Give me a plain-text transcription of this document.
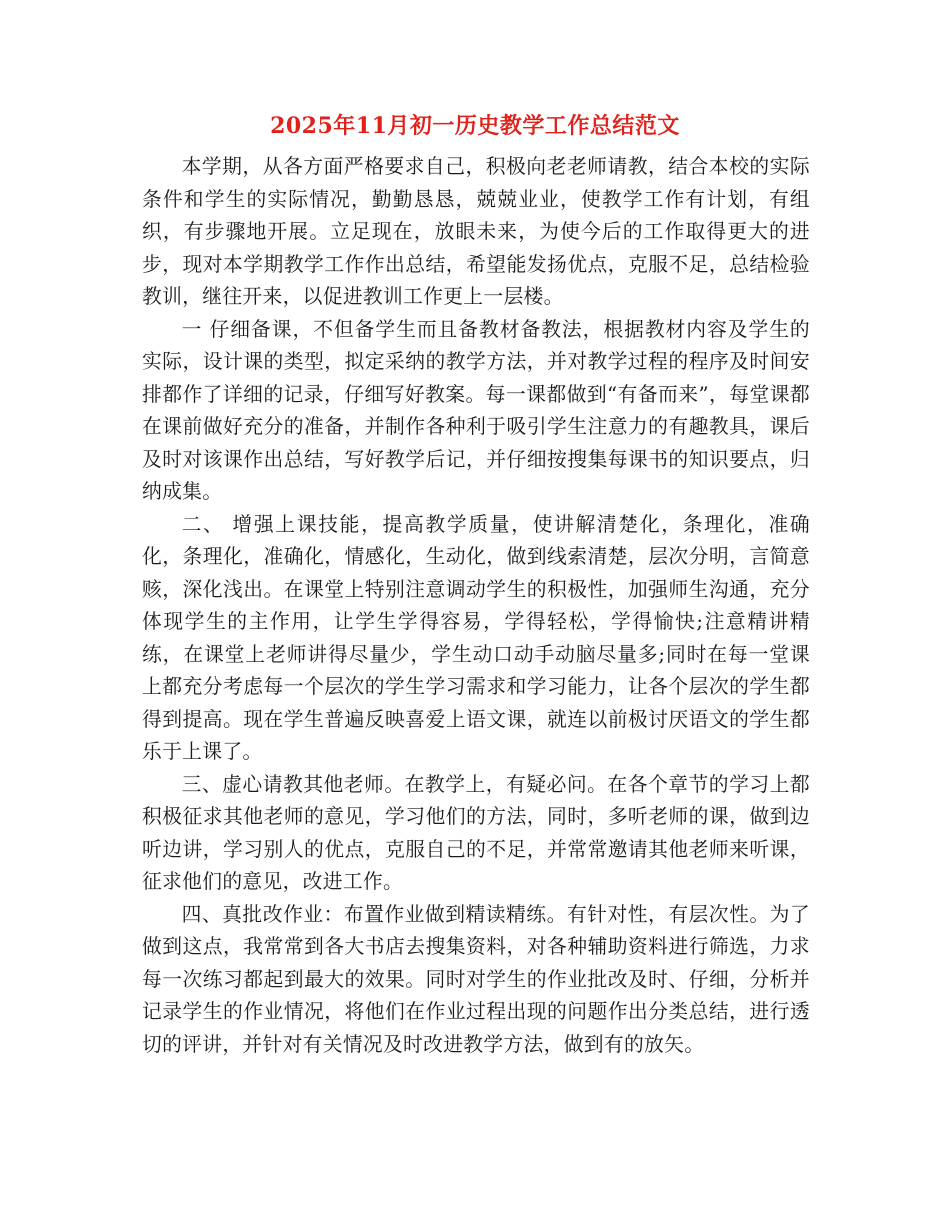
2025年11月初一历史教学工作总结范文

本学期，从各方面严格要求自己，积极向老老师请教，结合本校的实际条件和学生的实际情况，勤勤恳恳，兢兢业业，使教学工作有计划，有组织，有步骤地开展。立足现在，放眼未来，为使今后的工作取得更大的进步，现对本学期教学工作作出总结，希望能发扬优点，克服不足，总结检验教训，继往开来，以促进教训工作更上一层楼。

一 仔细备课，不但备学生而且备教材备教法，根据教材内容及学生的实际，设计课的类型，拟定采纳的教学方法，并对教学过程的程序及时间安排都作了详细的记录，仔细写好教案。每一课都做到“有备而来”，每堂课都在课前做好充分的准备，并制作各种利于吸引学生注意力的有趣教具，课后及时对该课作出总结，写好教学后记，并仔细按搜集每课书的知识要点，归纳成集。

二、 增强上课技能，提高教学质量，使讲解清楚化，条理化，准确化，条理化，准确化，情感化，生动化，做到线索清楚，层次分明，言简意赅，深化浅出。在课堂上特别注意调动学生的积极性，加强师生沟通，充分体现学生的主作用，让学生学得容易，学得轻松，学得愉快;注意精讲精练，在课堂上老师讲得尽量少，学生动口动手动脑尽量多;同时在每一堂课上都充分考虑每一个层次的学生学习需求和学习能力，让各个层次的学生都得到提高。现在学生普遍反映喜爱上语文课，就连以前极讨厌语文的学生都乐于上课了。

三、虚心请教其他老师。在教学上，有疑必问。在各个章节的学习上都积极征求其他老师的意见，学习他们的方法，同时，多听老师的课，做到边听边讲，学习别人的优点，克服自己的不足，并常常邀请其他老师来听课，征求他们的意见，改进工作。

四、真批改作业：布置作业做到精读精练。有针对性，有层次性。为了做到这点，我常常到各大书店去搜集资料，对各种辅助资料进行筛选，力求每一次练习都起到最大的效果。同时对学生的作业批改及时、仔细，分析并记录学生的作业情况，将他们在作业过程出现的问题作出分类总结，进行透切的评讲，并针对有关情况及时改进教学方法，做到有的放矢。
